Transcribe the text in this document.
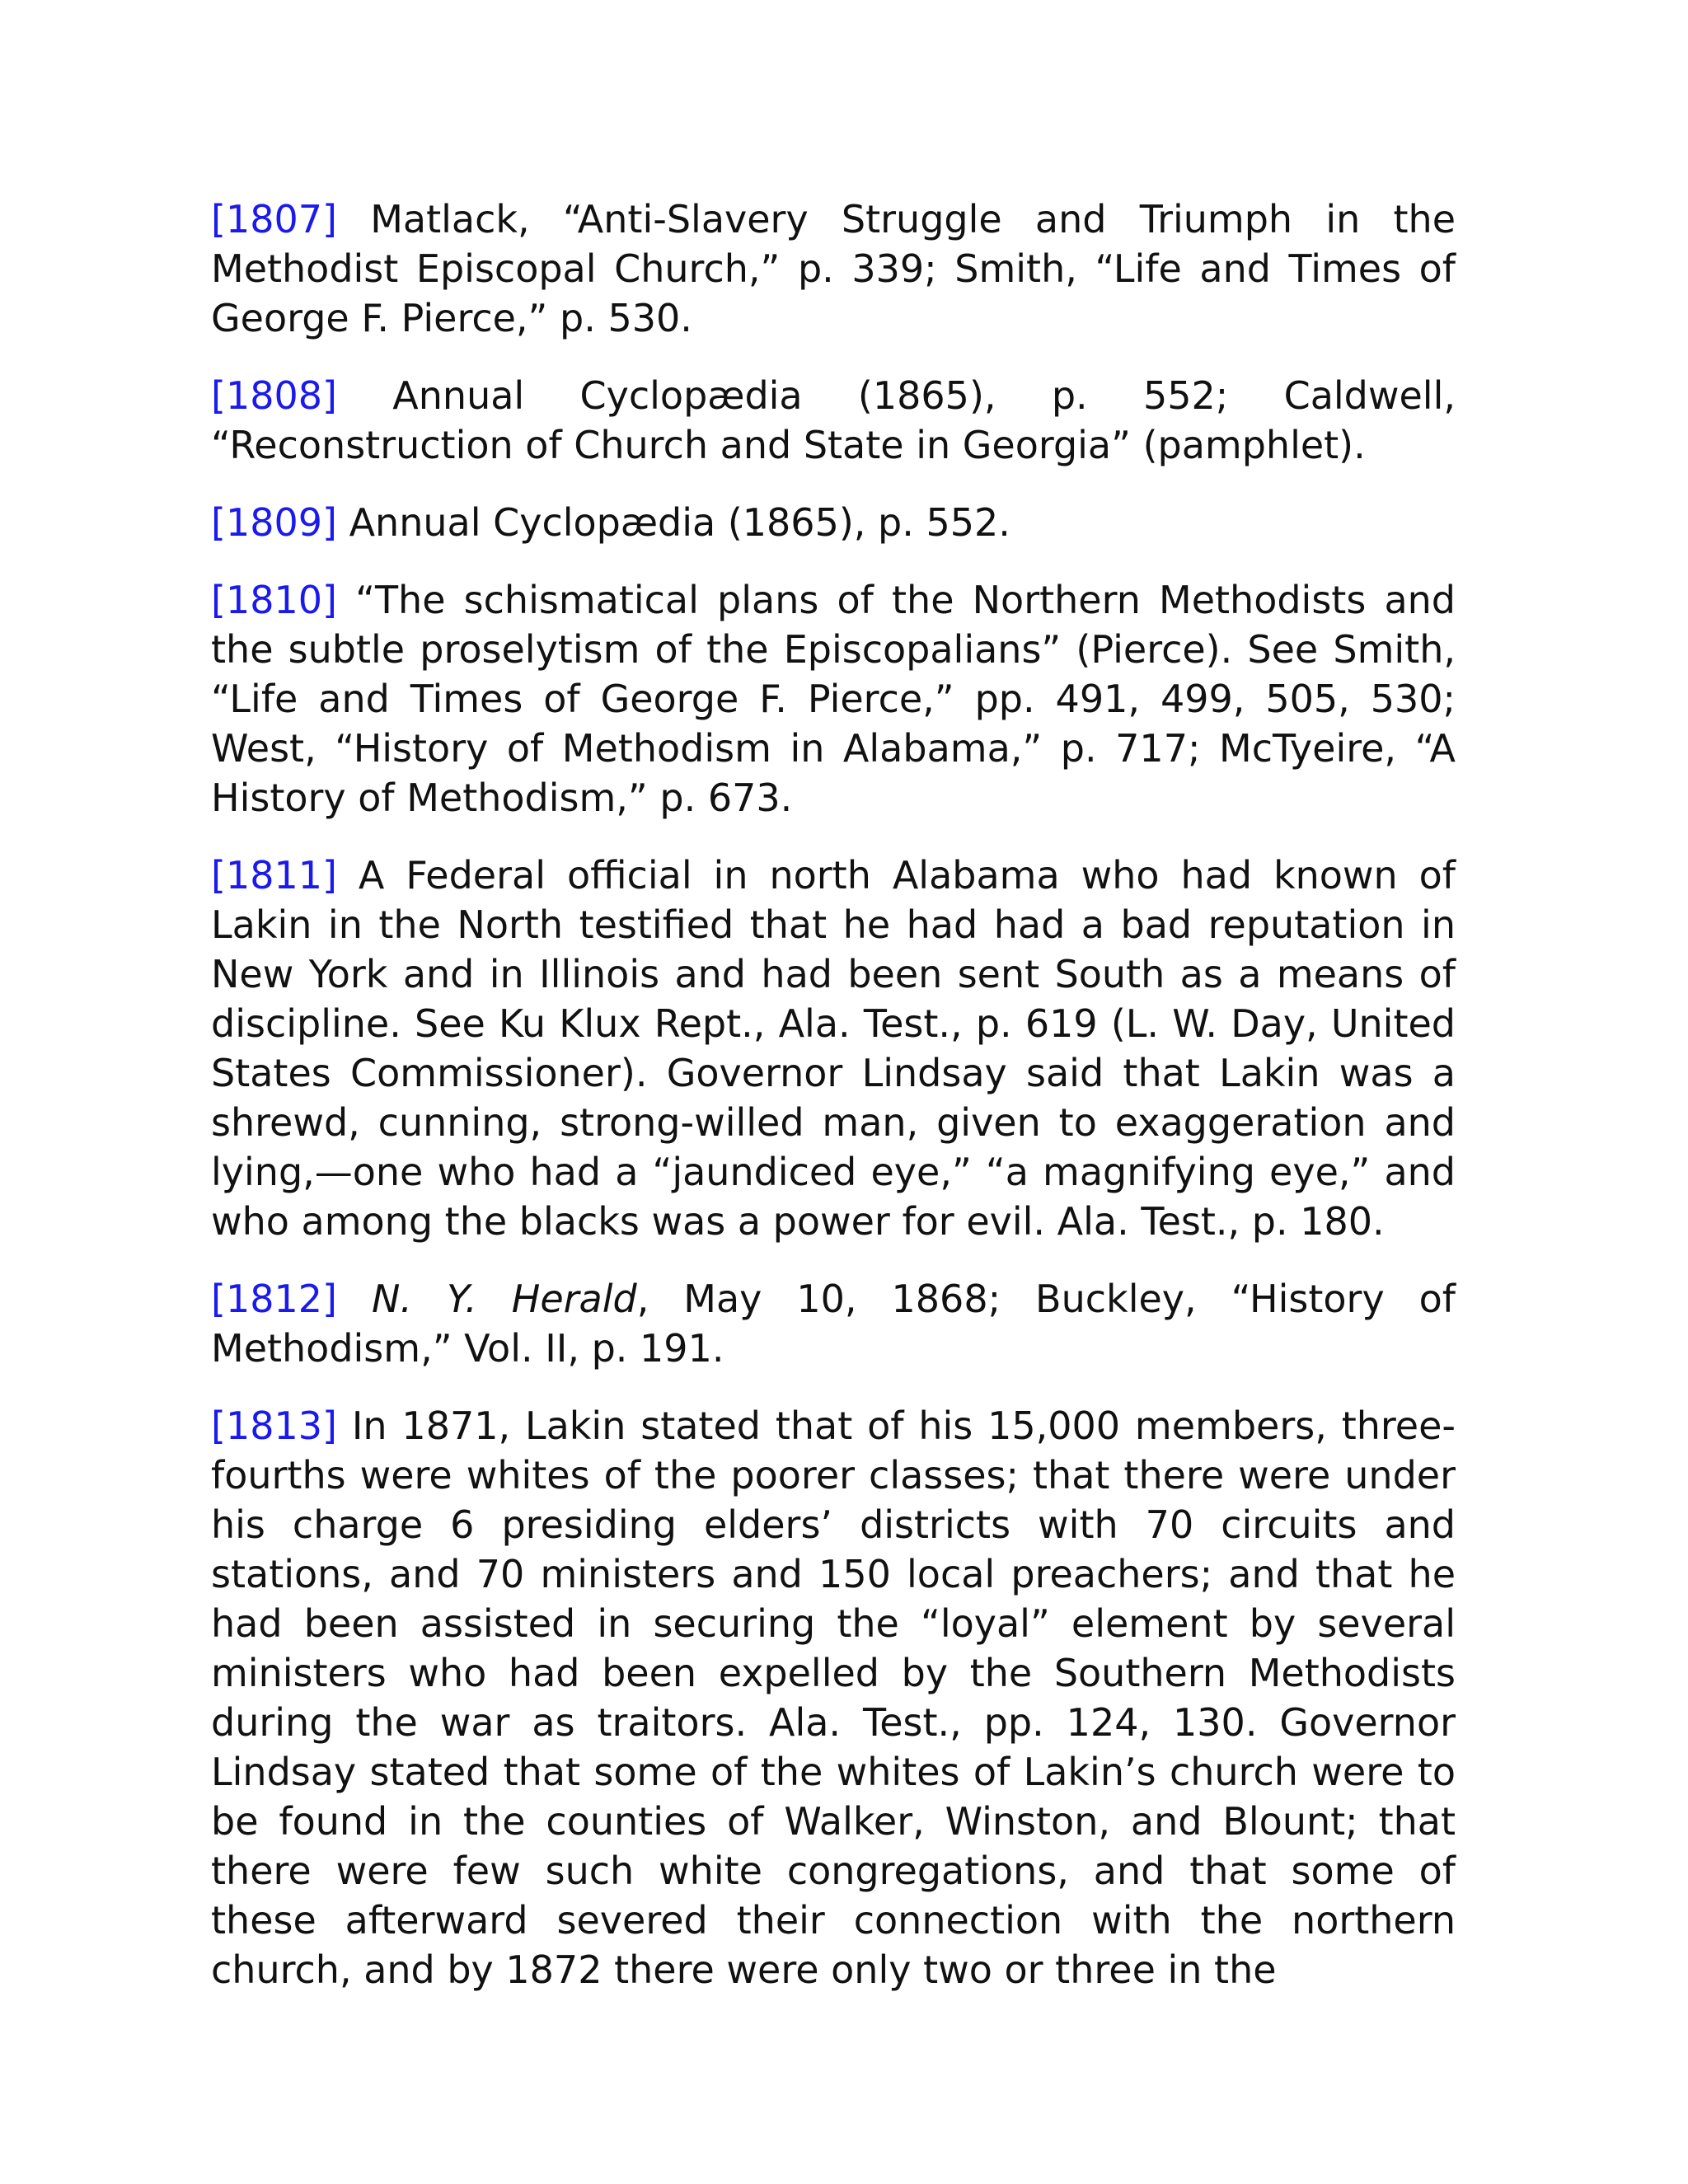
[1807] Matlack, “Anti-Slavery Struggle and Triumph in the Methodist Episcopal Church,” p. 339; Smith, “Life and Times of George F. Pierce,” p. 530.

[1808] Annual Cyclopædia (1865), p. 552; Caldwell, “Reconstruction of Church and State in Georgia” (pamphlet).

[1809] Annual Cyclopædia (1865), p. 552.

[1810] “The schismatical plans of the Northern Methodists and the subtle proselytism of the Episcopalians” (Pierce). See Smith, “Life and Times of George F. Pierce,” pp. 491, 499, 505, 530; West, “History of Methodism in Alabama,” p. 717; McTyeire, “A History of Methodism,” p. 673.

[1811] A Federal official in north Alabama who had known of Lakin in the North testified that he had had a bad reputation in New York and in Illinois and had been sent South as a means of discipline. See Ku Klux Rept., Ala. Test., p. 619 (L. W. Day, United States Commissioner). Governor Lindsay said that Lakin was a shrewd, cunning, strong-willed man, given to exaggeration and lying,—one who had a “jaundiced eye,” “a magnifying eye,” and who among the blacks was a power for evil. Ala. Test., p. 180.

[1812] N. Y. Herald, May 10, 1868; Buckley, “History of Methodism,” Vol. II, p. 191.

[1813] In 1871, Lakin stated that of his 15,000 members, three-fourths were whites of the poorer classes; that there were under his charge 6 presiding elders’ districts with 70 circuits and stations, and 70 ministers and 150 local preachers; and that he had been assisted in securing the “loyal” element by several ministers who had been expelled by the Southern Methodists during the war as traitors. Ala. Test., pp. 124, 130. Governor Lindsay stated that some of the whites of Lakin’s church were to be found in the counties of Walker, Winston, and Blount; that there were few such white congregations, and that some of these afterward severed their connection with the northern church, and by 1872 there were only two or three in the
